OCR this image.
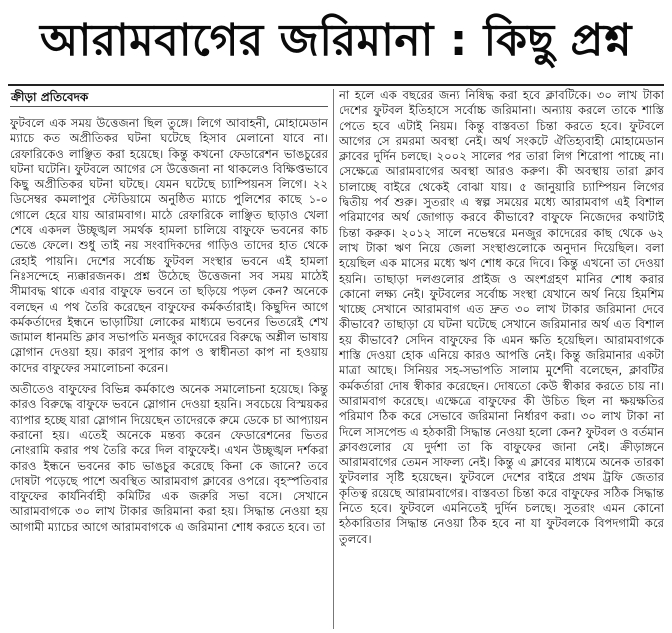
আরামবাগের জরিমানা : কিছু প্রশ্ন
ক্রীড়া প্রতিবেদক

ফুটবলে এক সময় উত্তেজনা ছিল তুঙ্গে। লিগে আবাহনী, মোহামেডান ম্যাচে কত অপ্রীতিকর ঘটনা ঘটেছে হিসাব মেলানো যাবে না। রেফারিকেও লাঞ্ছিত করা হয়েছে। কিন্তু কখনো ফেডারেশন ভাঙচুরের ঘটনা ঘটেনি। ফুটবলে আগের সে উত্তেজনা না থাকলেও বিক্ষিপ্তভাবে কিছু অপ্রীতিকর ঘটনা ঘটছে। যেমন ঘটেছে চ্যাম্পিয়নস লিগে। ২২ ডিসেম্বর কমলাপুর স্টেডিয়ামে অনুষ্ঠিত ম্যাচে পুলিশের কাছে ১-০ গোলে হেরে যায় আরামবাগ। মাঠে রেফারিকে লাঞ্ছিত ছাড়াও খেলা শেষে একদল উচ্ছৃঙ্খল সমর্থক হামলা চালিয়ে বাফুফে ভবনের কাচ ভেঙে ফেলে। শুধু তাই নয় সংবাদিকদের গাড়িও তাদের হাত থেকে রেহাই পায়নি। দেশের সর্বোচ্চ ফুটবল সংস্থার ভবনে এই হামলা নিঃসন্দেহে ন্যক্কারজনক। প্রশ্ন উঠেছে উত্তেজনা সব সময় মাঠেই সীমাবদ্ধ থাকে এবার বাফুফে ভবনে তা ছড়িয়ে পড়ল কেন? অনেকে বলছেন এ পথ তৈরি করেছেন বাফুফের কর্মকর্তারাই। কিছুদিন আগে কর্মকর্তাদের ইন্ধনে ভাড়াটিয়া লোকের মাধ্যমে ভবনের ভিতরেই শেখ জামাল ধানমন্ডি ক্লাব সভাপতি মনজুর কাদেরের বিরুদ্ধে অশ্লীল ভাষায় স্লোগান দেওয়া হয়। কারণ সুপার কাপ ও স্বাধীনতা কাপ না হওয়ায় কাদের বাফুফের সমালোচনা করেন।

অতীতেও বাফুফের বিভিন্ন কর্মকাণ্ডে অনেক সমালোচনা হয়েছে। কিন্তু কারও বিরুদ্ধে বাফুফে ভবনে স্লোগান দেওয়া হয়নি। সবচেয়ে বিস্ময়কর ব্যাপার হচ্ছে যারা স্লোগান দিয়েছেন তাদেরকে রুমে ডেকে চা আপ্যায়ন করানো হয়। এতেই অনেকে মন্তব্য করেন ফেডারেশনের ভিতর নোংরামি করার পথ তৈরি করে দিল বাফুফেই। এখন উচ্ছৃঙ্খল দর্শকরা কারও ইন্ধনে ভবনের কাচ ভাঙচুর করেছে কিনা কে জানে? তবে দোষটা পড়েছে পাশে অবস্থিত আরামবাগ ক্লাবের ওপরে। বৃহস্পতিবার বাফুফের কার্যনির্বাহী কমিটির এক জরুরি সভা বসে। সেখানে আরামবাগকে ৩০ লাখ টাকার জরিমানা করা হয়। সিদ্ধান্ত নেওয়া হয় আগামী ম্যাচের আগে আরামবাগকে এ জরিমানা শোধ করতে হবে। তা

না হলে এক বছরের জন্য নিষিদ্ধ করা হবে ক্লাবটিকে। ৩০ লাখ টাকা দেশের ফুটবল ইতিহাসে সর্বোচ্চ জরিমানা। অন্যায় করলে তাকে শাস্তি পেতে হবে এটাই নিয়ম। কিন্তু বাস্তবতা চিন্তা করতে হবে। ফুটবলে আগের সে রমরমা অবস্থা নেই। অর্থ সংকটে ঐতিহ্যবাহী মোহামেডান ক্লাবের দুর্দিন চলছে। ২০০২ সালের পর তারা লিগ শিরোপা পাচ্ছে না। সেক্ষেত্রে আরামবাগের অবস্থা আরও করুণ। কী অবস্থায় তারা ক্লাব চালাচ্ছে বাইরে থেকেই বোঝা যায়। ৫ জানুয়ারি চ্যাম্পিয়ন লিগের দ্বিতীয় পর্ব শুরু। সুতরাং এ স্বল্প সময়ের মধ্যে আরামবাগ এই বিশাল পরিমাণের অর্থ জোগাড় করবে কীভাবে? বাফুফে নিজেদের কথাটাই চিন্তা করুক। ২০১২ সালে নভেম্বরে মনজুর কাদেরের কাছ থেকে ৬২ লাখ টাকা ঋণ নিয়ে জেলা সংস্থাগুলোকে অনুদান দিয়েছিল। বলা হয়েছিল এক মাসের মধ্যে ঋণ শোধ করে দিবে। কিন্তু এখনো তা দেওয়া হয়নি। তাছাড়া দলগুলোর প্রাইজ ও অংশগ্রহণ মানির শোধ করার কোনো লক্ষ্য নেই। ফুটবলের সর্বোচ্চ সংস্থা যেখানে অর্থ নিয়ে হিমশিম খাচ্ছে সেখানে আরামবাগ এত দ্রুত ৩০ লাখ টাকার জরিমানা দেবে কীভাবে? তাছাড়া যে ঘটনা ঘটেছে সেখানে জরিমানার অর্থ এত বিশাল হয় কীভাবে? সেদিন বাফুফের কি এমন ক্ষতি হয়েছিল। আরামবাগকে শাস্তি দেওয়া হোক এনিয়ে কারও আপত্তি নেই। কিন্তু জরিমানার একটা মাত্রা আছে। সিনিয়র সহ-সভাপতি সালাম মুর্শেদী বলেছেন, ক্লাবটির কর্মকর্তারা দোষ স্বীকার করেছেন। দোষতো কেউ স্বীকার করতে চায় না। আরামবাগ করেছে। এক্ষেত্রে বাফুফের কী উচিত ছিল না ক্ষয়ক্ষতির পরিমাণ ঠিক করে সেভাবে জরিমানা নির্ধারণ করা। ৩০ লাখ টাকা না দিলে সাসপেন্ড এ হঠকারী সিদ্ধান্ত নেওয়া হলো কেন? ফুটবল ও বর্তমান ক্লাবগুলোর যে দুর্দশা তা কি বাফুফের জানা নেই। ক্রীড়াঙ্গনে আরামবাগের তেমন সাফল্য নেই। কিন্তু এ ক্লাবের মাধ্যমে অনেক তারকা ফুটবলার সৃষ্টি হয়েছেন। ফুটবলে দেশের বাইরে প্রথম ট্রফি জেতার কৃতিত্ব রয়েছে আরামবাগের। বাস্তবতা চিন্তা করে বাফুফের সঠিক সিদ্ধান্ত নিতে হবে। ফুটবলে এমনিতেই দুর্দিন চলছে। সুতরাং এমন কোনো হঠকারিতার সিদ্ধান্ত নেওয়া ঠিক হবে না যা ফুটবলকে বিপদগামী করে তুলবে।
